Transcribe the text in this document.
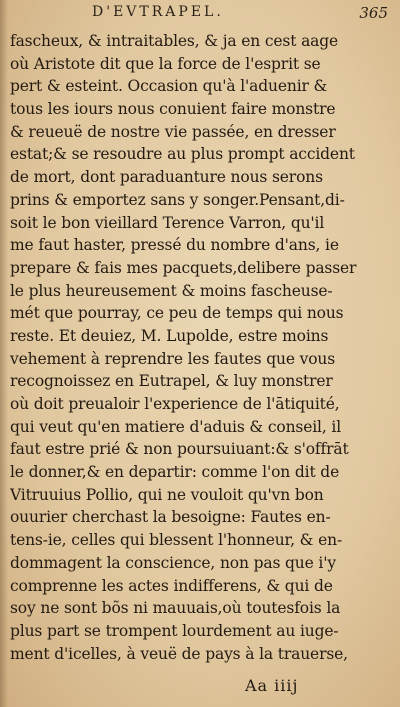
D'EVTRAPEL.	365
fascheux, & intraitables, & ja en cest aage
où Aristote dit que la force de l'esprit se
pert & esteint. Occasion qu'à l'aduenir &
tous les iours nous conuient faire monstre
& reueuë de nostre vie passée, en dresser
estat;& se resoudre au plus prompt accident
de mort, dont paraduanture nous serons
prins & emportez sans y songer.Pensant,di-
soit le bon vieillard Terence Varron, qu'il
me faut haster, pressé du nombre d'ans, ie
prepare & fais mes pacquets,delibere passer
le plus heureusement & moins fascheuse-
mét que pourray, ce peu de temps qui nous
reste. Et deuiez, M. Lupolde, estre moins
vehement à reprendre les fautes que vous
recognoissez en Eutrapel, & luy monstrer
où doit preualoir l'experience de l'ātiquité,
qui veut qu'en matiere d'aduis & conseil, il
faut estre prié & non poursuiuant:& s'offrāt
le donner,& en departir: comme l'on dit de
Vitruuius Pollio, qui ne vouloit qu'vn bon
ouurier cherchast la besoigne: Fautes en-
tens-ie, celles qui blessent l'honneur, & en-
dommagent la conscience, non pas que i'y
comprenne les actes indifferens, & qui de
soy ne sont bõs ni mauuais,où toutesfois la
plus part se trompent lourdement au iuge-
ment d'icelles, à veuë de pays à la trauerse,
Aa iiij
